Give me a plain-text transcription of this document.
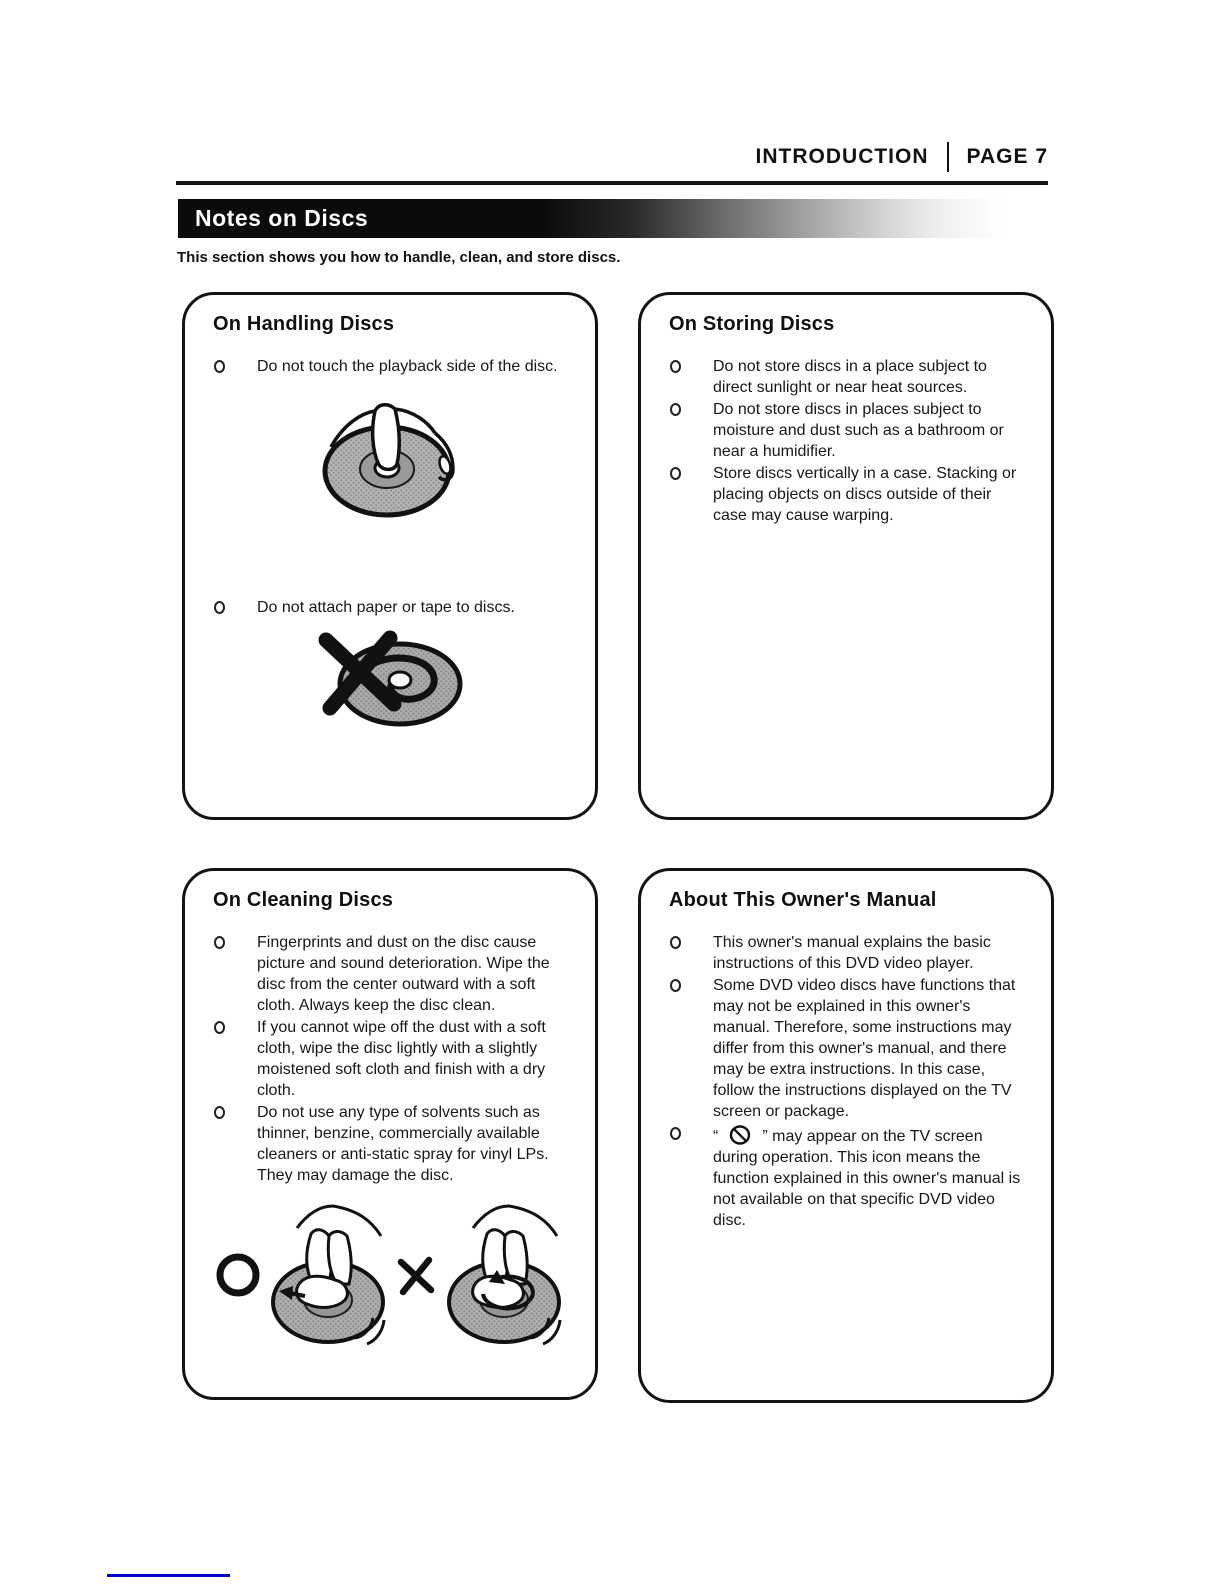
INTRODUCTION PAGE 7
Notes on Discs
This section shows you how to handle, clean, and store discs.
On Handling Discs
Do not touch the playback side of the disc.
Do not attach paper or tape to discs.
On Storing Discs
Do not store discs in a place subject to direct sunlight or near heat sources.
Do not store discs in places subject to moisture and dust such as a bathroom or near a humidifier.
Store discs vertically in a case. Stacking or placing objects on discs outside of their case may cause warping.
On Cleaning Discs
Fingerprints and dust on the disc cause picture and sound deterioration. Wipe the disc from the center outward with a soft cloth. Always keep the disc clean.
If you cannot wipe off the dust with a soft cloth, wipe the disc lightly with a slightly moistened soft cloth and finish with a dry cloth.
Do not use any type of solvents such as thinner, benzine, commercially available cleaners or anti-static spray for vinyl LPs. They may damage the disc.
About This Owner's Manual
This owner's manual explains the basic instructions of this DVD video player.
Some DVD video discs have functions that may not be explained in this owner's manual. Therefore, some instructions may differ from this owner's manual, and there may be extra instructions. In this case, follow the instructions displayed on the TV screen or package.
“	” may appear on the TV screen during operation. This icon means the function explained in this owner's manual is not available on that specific DVD video disc.
